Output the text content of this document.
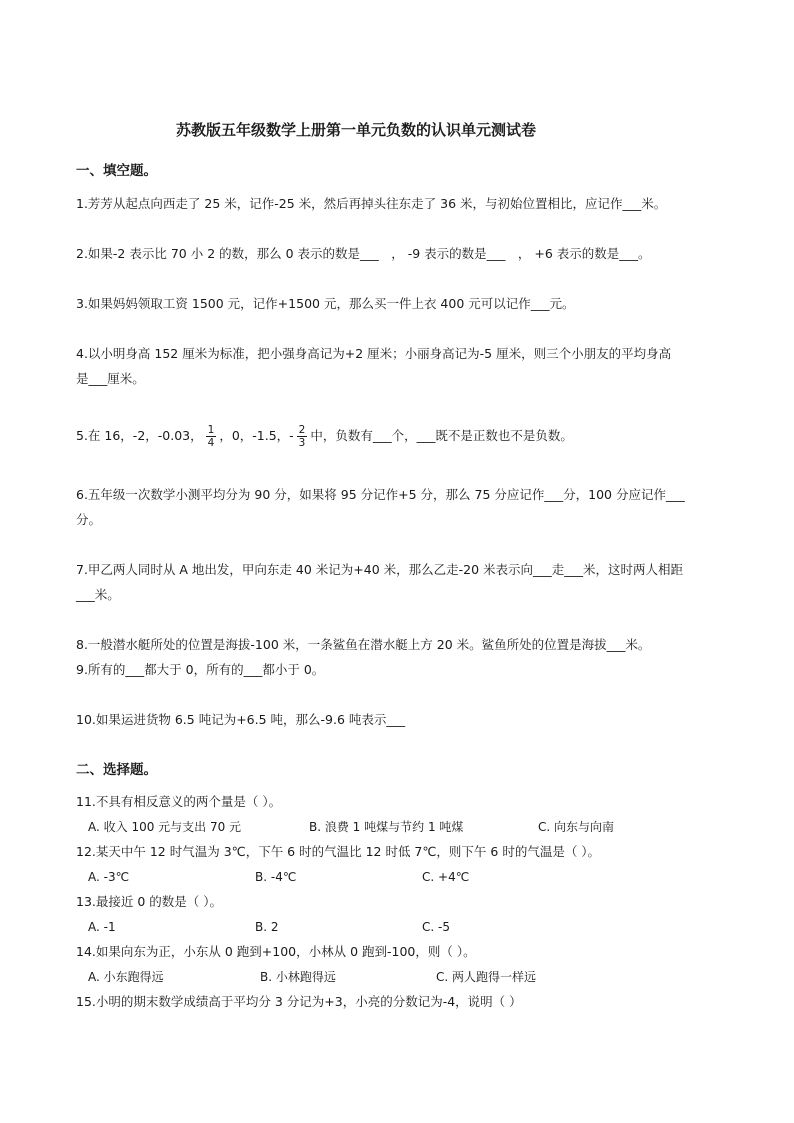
苏教版五年级数学上册第一单元负数的认识单元测试卷
一、填空题。
1.芳芳从起点向西走了 25 米，记作-25 米，然后再掉头往东走了 36 米，与初始位置相比，应记作___米。
2.如果-2 表示比 70 小 2 的数，那么 0 表示的数是___　， -9 表示的数是___　， +6 表示的数是___。
3.如果妈妈领取工资 1500 元，记作+1500 元，那么买一件上衣 400 元可以记作___元。
4.以小明身高 152 厘米为标准，把小强身高记为+2 厘米；小丽身高记为-5 厘米，则三个小朋友的平均身高
是___厘米。
5.在 16，-2，-0.03， $\frac{1}{4}$ ，0，-1.5，- $\frac{2}{3}$ 中，负数有___个，___既不是正数也不是负数。
6.五年级一次数学小测平均分为 90 分，如果将 95 分记作+5 分，那么 75 分应记作___分，100 分应记作___
分。
7.甲乙两人同时从 A 地出发，甲向东走 40 米记为+40 米，那么乙走-20 米表示向___走___米，这时两人相距
___米。
8.一般潜水艇所处的位置是海拔-100 米，一条鲨鱼在潜水艇上方 20 米。鲨鱼所处的位置是海拔___米。
9.所有的___都大于 0，所有的___都小于 0。
10.如果运进货物 6.5 吨记为+6.5 吨，那么-9.6 吨表示___
二、选择题。
11.不具有相反意义的两个量是（ ）。
A. 收入 100 元与支出 70 元	B. 浪费 1 吨煤与节约 1 吨煤	C. 向东与向南
12.某天中午 12 时气温为 3℃，下午 6 时的气温比 12 时低 7℃，则下午 6 时的气温是（ ）。
A. -3℃	B. -4℃	C. +4℃
13.最接近 0 的数是（ ）。
A. -1	B. 2	C. -5
14.如果向东为正，小东从 0 跑到+100，小林从 0 跑到-100，则（ ）。
A. 小东跑得远	B. 小林跑得远	C. 两人跑得一样远
15.小明的期末数学成绩高于平均分 3 分记为+3，小亮的分数记为-4，说明（ ）
